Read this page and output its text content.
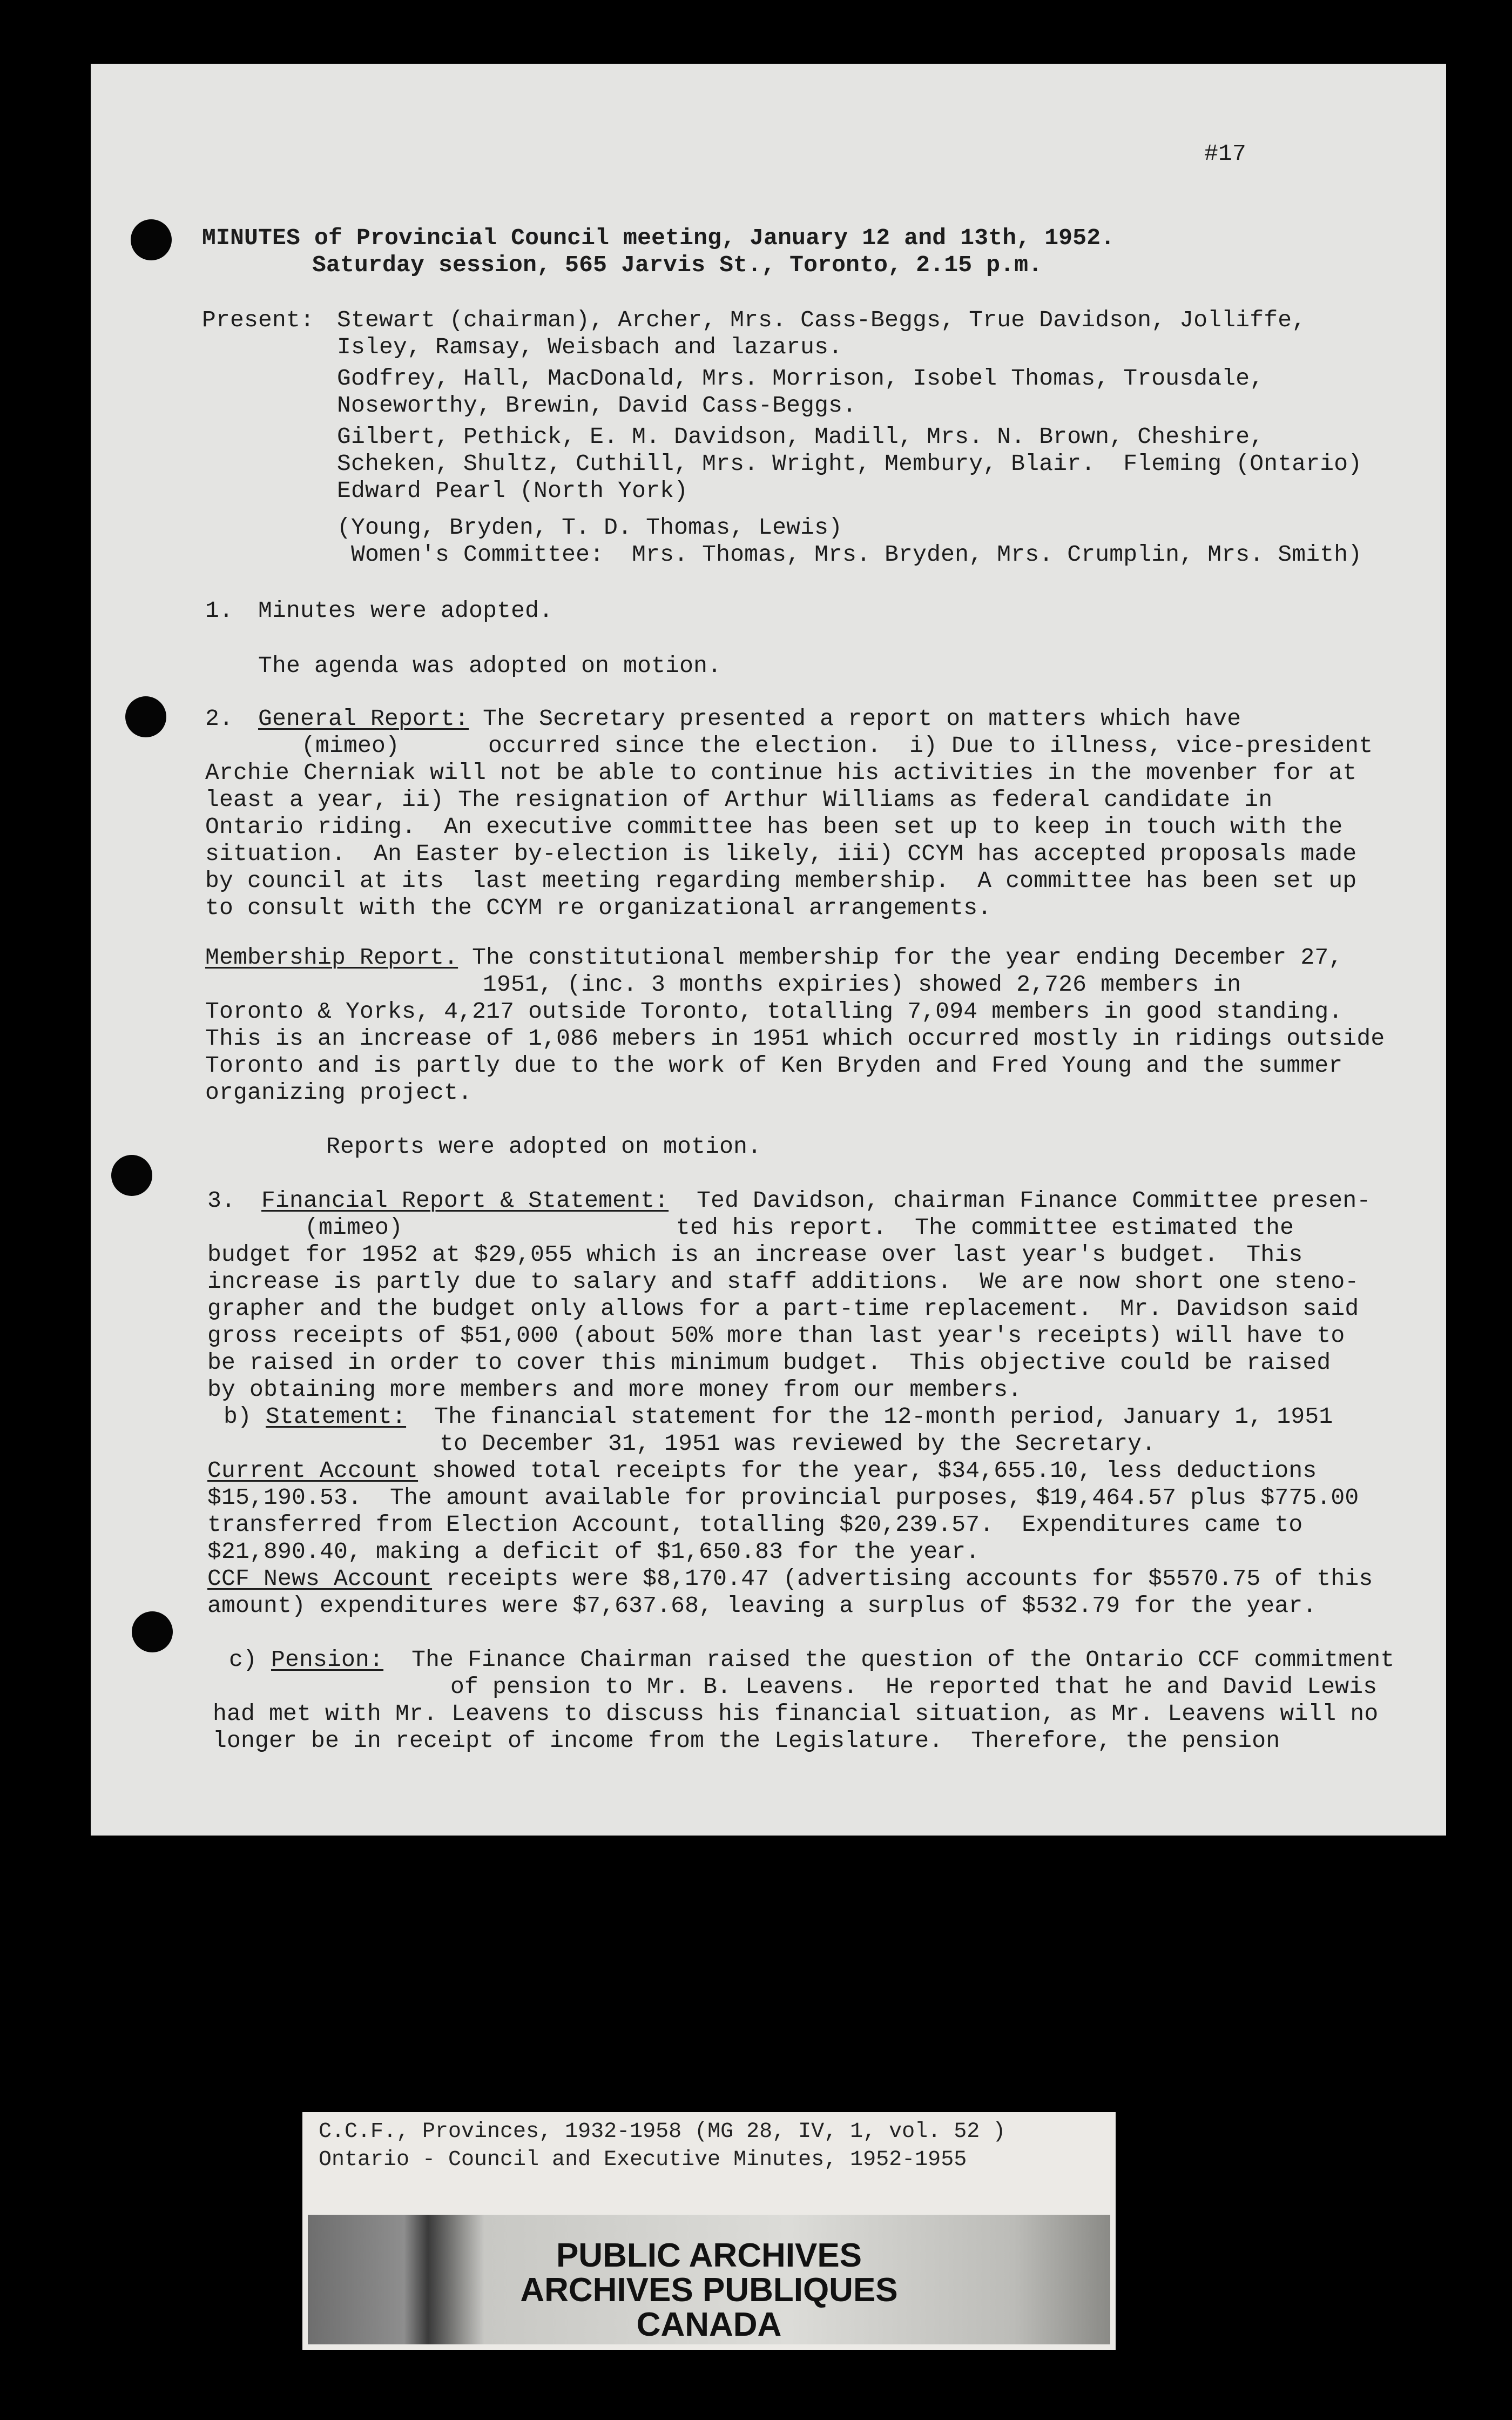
#17
MINUTES of Provincial Council meeting, January 12 and 13th, 1952.
Saturday session, 565 Jarvis St., Toronto, 2.15 p.m.
Present: Stewart (chairman), Archer, Mrs. Cass-Beggs, True Davidson, Jolliffe,
Isley, Ramsay, Weisbach and lazarus.
Godfrey, Hall, MacDonald, Mrs. Morrison, Isobel Thomas, Trousdale,
Noseworthy, Brewin, David Cass-Beggs.
Gilbert, Pethick, E. M. Davidson, Madill, Mrs. N. Brown, Cheshire,
Scheken, Shultz, Cuthill, Mrs. Wright, Membury, Blair.  Fleming (Ontario)
Edward Pearl (North York)
(Young, Bryden, T. D. Thomas, Lewis)
Women's Committee:  Mrs. Thomas, Mrs. Bryden, Mrs. Crumplin, Mrs. Smith)
1. Minutes were adopted.
The agenda was adopted on motion.
2. General Report: The Secretary presented a report on matters which have
(mimeo)	occurred since the election.  i) Due to illness, vice-president
Archie Cherniak will not be able to continue his activities in the movenber for at
least a year, ii) The resignation of Arthur Williams as federal candidate in
Ontario riding.  An executive committee has been set up to keep in touch with the
situation.  An Easter by-election is likely, iii) CCYM has accepted proposals made
by council at its  last meeting regarding membership.  A committee has been set up
to consult with the CCYM re organizational arrangements.
Membership Report. The constitutional membership for the year ending December 27,
1951, (inc. 3 months expiries) showed 2,726 members in
Toronto & Yorks, 4,217 outside Toronto, totalling 7,094 members in good standing.
This is an increase of 1,086 mebers in 1951 which occurred mostly in ridings outside
Toronto and is partly due to the work of Ken Bryden and Fred Young and the summer
organizing project.
Reports were adopted on motion.
3. Financial Report & Statement:  Ted Davidson, chairman Finance Committee presen-
(mimeo)	ted his report.  The committee estimated the
budget for 1952 at $29,055 which is an increase over last year's budget.  This
increase is partly due to salary and staff additions.  We are now short one steno-
grapher and the budget only allows for a part-time replacement.  Mr. Davidson said
gross receipts of $51,000 (about 50% more than last year's receipts) will have to
be raised in order to cover this minimum budget.  This objective could be raised
by obtaining more members and more money from our members.
b) Statement:  The financial statement for the 12-month period, January 1, 1951
to December 31, 1951 was reviewed by the Secretary.
Current Account showed total receipts for the year, $34,655.10, less deductions
$15,190.53.  The amount available for provincial purposes, $19,464.57 plus $775.00
transferred from Election Account, totalling $20,239.57.  Expenditures came to
$21,890.40, making a deficit of $1,650.83 for the year.
CCF News Account receipts were $8,170.47 (advertising accounts for $5570.75 of this
amount) expenditures were $7,637.68, leaving a surplus of $532.79 for the year.
c) Pension:  The Finance Chairman raised the question of the Ontario CCF commitment
of pension to Mr. B. Leavens.  He reported that he and David Lewis
had met with Mr. Leavens to discuss his financial situation, as Mr. Leavens will no
longer be in receipt of income from the Legislature.  Therefore, the pension
C.C.F., Provinces, 1932-1958 (MG 28, IV, 1, vol. 52 )
Ontario - Council and Executive Minutes, 1952-1955
PUBLIC ARCHIVES
ARCHIVES PUBLIQUES
CANADA
